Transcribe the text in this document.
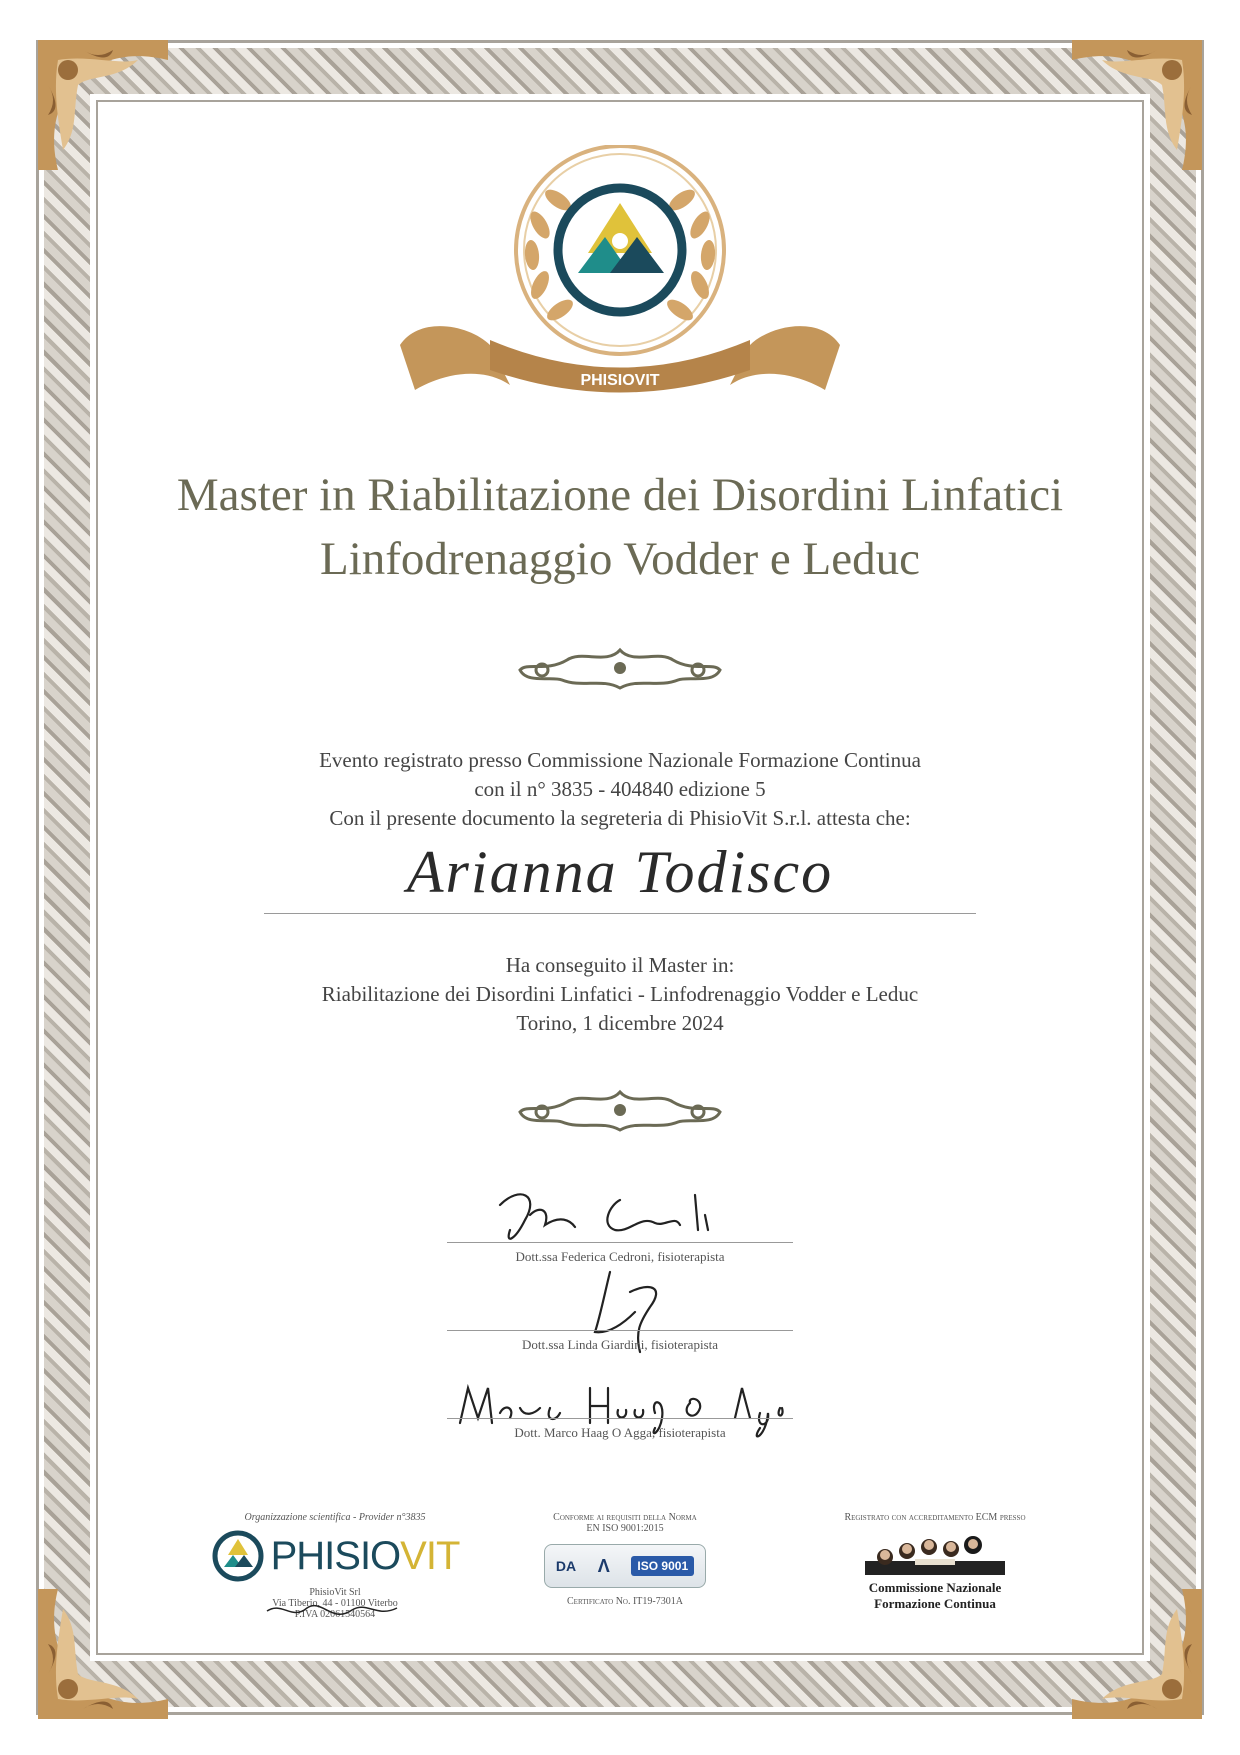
PHISIOVIT
Master in Riabilitazione dei Disordini Linfatici
Linfodrenaggio Vodder e Leduc
Evento registrato presso Commissione Nazionale Formazione Continua
con il n° 3835 - 404840 edizione 5
Con il presente documento la segreteria di PhisioVit S.r.l. attesta che:
Arianna Todisco
Ha conseguito il Master in:
Riabilitazione dei Disordini Linfatici - Linfodrenaggio Vodder e Leduc
Torino, 1 dicembre 2024
Dott.ssa Federica Cedroni, fisioterapista
Dott.ssa Linda Giardini, fisioterapista
Dott. Marco Haag O Agga, fisioterapista
Organizzazione scientifica - Provider n°3835
PHISIOVIT
PhisioVit Srl
Via Tiberio, 44 - 01100 Viterbo
P.IVA 02061540564
Conforme ai requisiti della Norma
EN ISO 9001:2015
DA Λ	ISO 9001
Certificato No. IT19-7301A
Registrato con accreditamento ECM presso
Commissione Nazionale
Formazione Continua
